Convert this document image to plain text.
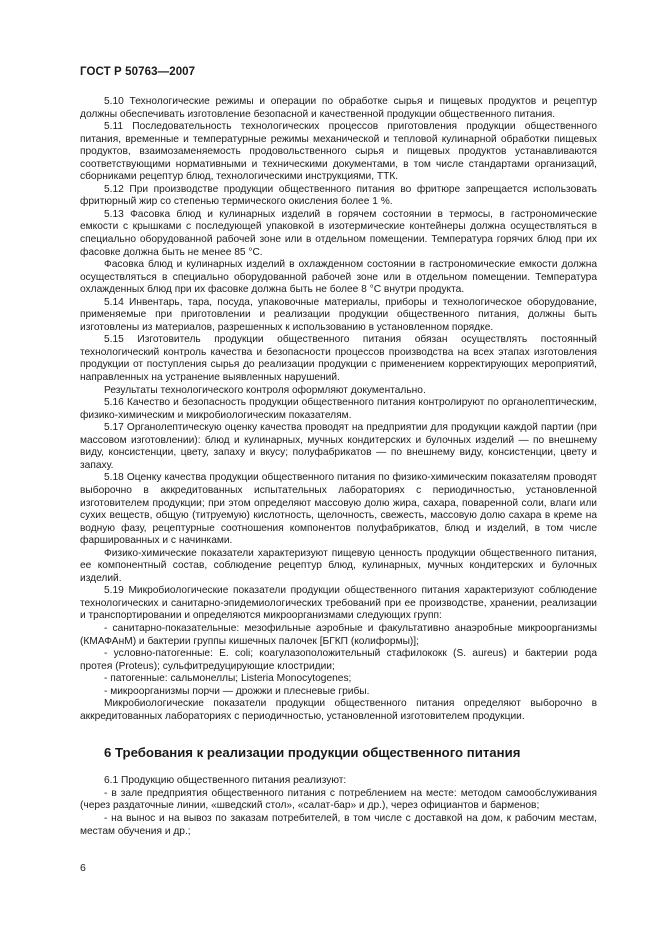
ГОСТ Р 50763—2007

5.10 Технологические режимы и операции по обработке сырья и пищевых продуктов и рецептур должны обеспечивать изготовление безопасной и качественной продукции общественного питания.

5.11 Последовательность технологических процессов приготовления продукции общественного питания, временные и температурные режимы механической и тепловой кулинарной обработки пищевых продуктов, взаимозаменяемость продовольственного сырья и пищевых продуктов устанавливаются соответствующими нормативными и техническими документами, в том числе стандартами организаций, сборниками рецептур блюд, технологическими инструкциями, ТТК.

5.12 При производстве продукции общественного питания во фритюре запрещается использовать фритюрный жир со степенью термического окисления более 1 %.

5.13 Фасовка блюд и кулинарных изделий в горячем состоянии в термосы, в гастрономические емкости с крышками с последующей упаковкой в изотермические контейнеры должна осуществляться в специально оборудованной рабочей зоне или в отдельном помещении. Температура горячих блюд при их фасовке должна быть не менее 85 °C.

Фасовка блюд и кулинарных изделий в охлажденном состоянии в гастрономические емкости должна осуществляться в специально оборудованной рабочей зоне или в отдельном помещении. Температура охлажденных блюд при их фасовке должна быть не более 8 °C внутри продукта.

5.14 Инвентарь, тара, посуда, упаковочные материалы, приборы и технологическое оборудование, применяемые при приготовлении и реализации продукции общественного питания, должны быть изготовлены из материалов, разрешенных к использованию в установленном порядке.

5.15 Изготовитель продукции общественного питания обязан осуществлять постоянный технологический контроль качества и безопасности процессов производства на всех этапах изготовления продукции от поступления сырья до реализации продукции с применением корректирующих мероприятий, направленных на устранение выявленных нарушений.

Результаты технологического контроля оформляют документально.

5.16 Качество и безопасность продукции общественного питания контролируют по органолептическим, физико-химическим и микробиологическим показателям.

5.17 Органолептическую оценку качества проводят на предприятии для продукции каждой партии (при массовом изготовлении): блюд и кулинарных, мучных кондитерских и булочных изделий — по внешнему виду, консистенции, цвету, запаху и вкусу; полуфабрикатов — по внешнему виду, консистенции, цвету и запаху.

5.18 Оценку качества продукции общественного питания по физико-химическим показателям проводят выборочно в аккредитованных испытательных лабораториях с периодичностью, установленной изготовителем продукции; при этом определяют массовую долю жира, сахара, поваренной соли, влаги или сухих веществ, общую (титруемую) кислотность, щелочность, свежесть, массовую долю сахара в креме на водную фазу, рецептурные соотношения компонентов полуфабрикатов, блюд и изделий, в том числе фаршированных и с начинками.

Физико-химические показатели характеризуют пищевую ценность продукции общественного питания, ее компонентный состав, соблюдение рецептур блюд, кулинарных, мучных кондитерских и булочных изделий.

5.19 Микробиологические показатели продукции общественного питания характеризуют соблюдение технологических и санитарно-эпидемиологических требований при ее производстве, хранении, реализации и транспортировании и определяются микроорганизмами следующих групп:

- санитарно-показательные: мезофильные аэробные и факультативно анаэробные микроорганизмы (КМАФАнМ) и бактерии группы кишечных палочек [БГКП (колиформы)];

- условно-патогенные: E. coli; коагулазоположительный стафилококк (S. aureus) и бактерии рода протея (Proteus); сульфитредуцирующие клостридии;

- патогенные: сальмонеллы; Listeria Monocytogenes;

- микроорганизмы порчи — дрожжи и плесневые грибы.

Микробиологические показатели продукции общественного питания определяют выборочно в аккредитованных лабораториях с периодичностью, установленной изготовителем продукции.

6 Требования к реализации продукции общественного питания

6.1 Продукцию общественного питания реализуют:

- в зале предприятия общественного питания с потреблением на месте: методом самообслуживания (через раздаточные линии, «шведский стол», «салат-бар» и др.), через официантов и барменов;

- на вынос и на вывоз по заказам потребителей, в том числе с доставкой на дом, к рабочим местам, местам обучения и др.;

6
